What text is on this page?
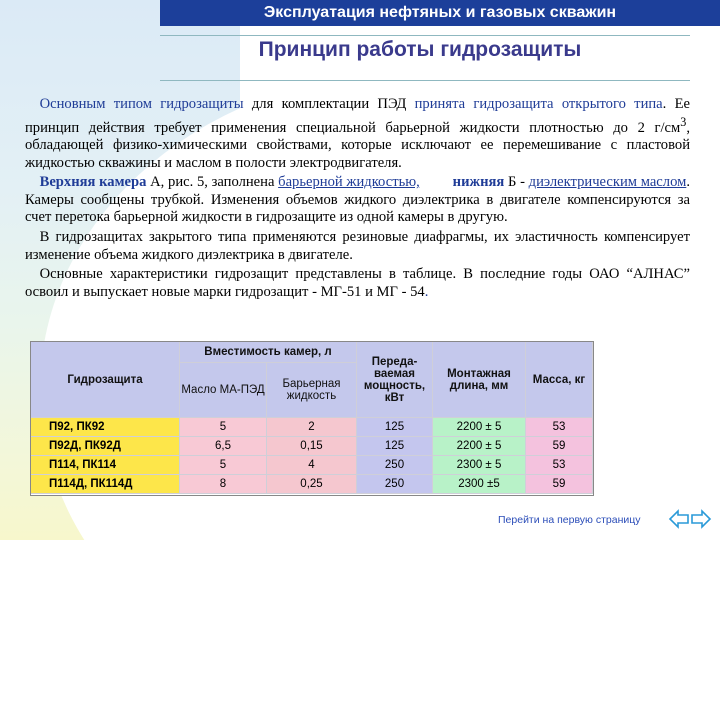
Эксплуатация нефтяных и газовых скважин
Принцип работы гидрозащиты

 Основным типом гидрозащиты для комплектации ПЭД принята гидрозащита открытого типа. Ее принцип действия требует применения специальной барьерной жидкости плотностью до 2 $г/см^3$, обладающей физико-химическими свойствами, которые исключают ее перемешивание с пластовой жидкостью скважины и маслом в полости электродвигателя.

 Верхняя камера А, рис. 5, заполнена барьерной жидкостью,   нижняя Б - диэлектрическим маслом. Камеры сообщены трубкой. Изменения объемов жидкого диэлектрика в двигателе компенсируются за счет перетока барьерной жидкости в гидрозащите из одной камеры в другую.

 В гидрозащитах закрытого типа применяются резиновые диафрагмы, их эластичность компенсирует изменение объема жидкого диэлектрика в двигателе.

 Основные характеристики гидрозащит представлены в таблице. В последние годы ОАО “АЛНАС” освоил и выпускает новые марки гидрозащит - МГ-51 и МГ - 54.

Гидрозащита
Вместимость камер, л
Масло МА-ПЭД	Барьерная жидкость
Переда-ваемая мощность, кВт
Монтажная длина, мм	Масса, кг
П92, ПК92	5	2	125	2200 ± 5	53
П92Д, ПК92Д	6,5	0,15	125	2200 ± 5	59
П114, ПК114	5	4	250	2300 ± 5	53
П114Д, ПК114Д	8	0,25	250	2300 ±5	59
Перейти на первую страницу
